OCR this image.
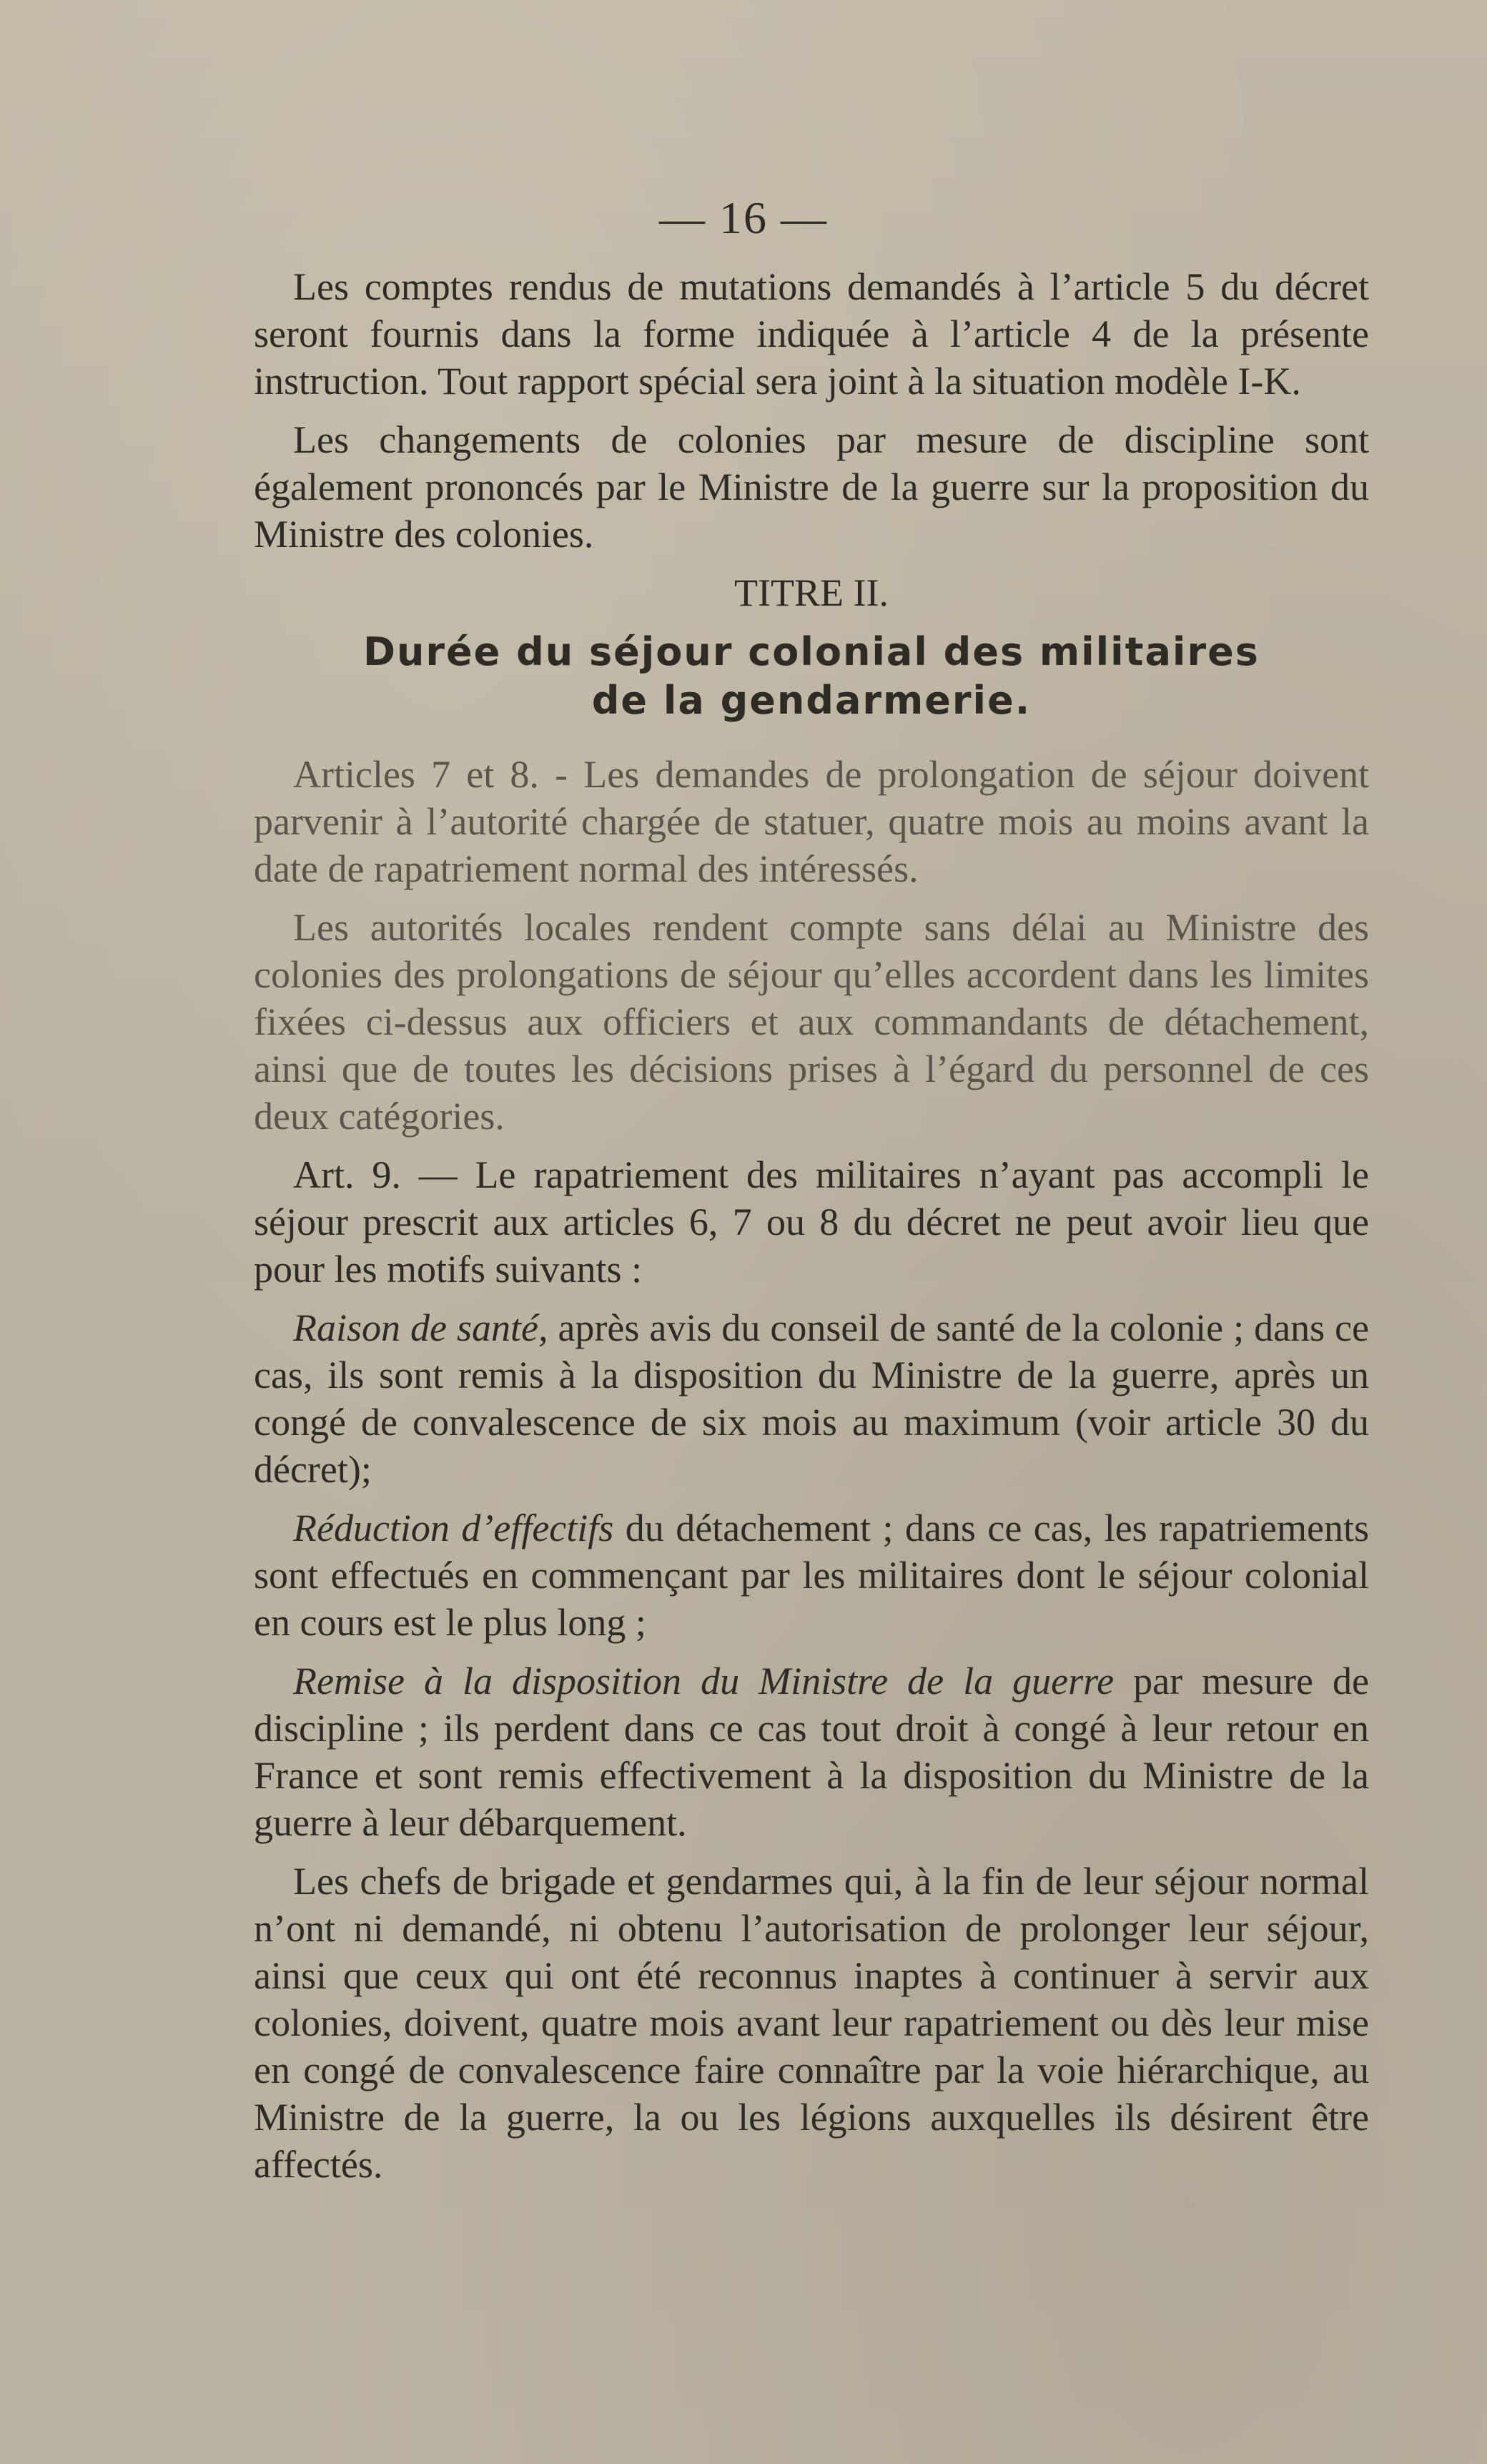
— 16 —

Les comptes rendus de mutations demandés à l’article 5 du décret seront fournis dans la forme indiquée à l’article 4 de la présente instruction. Tout rapport spécial sera joint à la situation modèle I-K.

Les changements de colonies par mesure de discipline sont également prononcés par le Ministre de la guerre sur la proposition du Ministre des colonies.

TITRE II.

Durée du séjour colonial des militaires
de la gendarmerie.

Articles 7 et 8. - Les demandes de prolongation de séjour doivent parvenir à l’autorité chargée de statuer, quatre mois au moins avant la date de rapatriement normal des intéressés.

Les autorités locales rendent compte sans délai au Ministre des colonies des prolongations de séjour qu’elles accordent dans les limites fixées ci-dessus aux officiers et aux commandants de détachement, ainsi que de toutes les décisions prises à l’égard du personnel de ces deux catégories.

Art. 9. — Le rapatriement des militaires n’ayant pas accompli le séjour prescrit aux articles 6, 7 ou 8 du décret ne peut avoir lieu que pour les motifs suivants :

Raison de santé, après avis du conseil de santé de la colonie ; dans ce cas, ils sont remis à la disposition du Ministre de la guerre, après un congé de convalescence de six mois au maximum (voir article 30 du décret);

Réduction d’effectifs du détachement ; dans ce cas, les rapatriements sont effectués en commençant par les militaires dont le séjour colonial en cours est le plus long ;

Remise à la disposition du Ministre de la guerre par mesure de discipline ; ils perdent dans ce cas tout droit à congé à leur retour en France et sont remis effectivement à la disposition du Ministre de la guerre à leur débarquement.

Les chefs de brigade et gendarmes qui, à la fin de leur séjour normal n’ont ni demandé, ni obtenu l’autorisation de prolonger leur séjour, ainsi que ceux qui ont été reconnus inaptes à continuer à servir aux colonies, doivent, quatre mois avant leur rapatriement ou dès leur mise en congé de convalescence faire connaître par la voie hiérarchique, au Ministre de la guerre, la ou les légions auxquelles ils désirent être affectés.
